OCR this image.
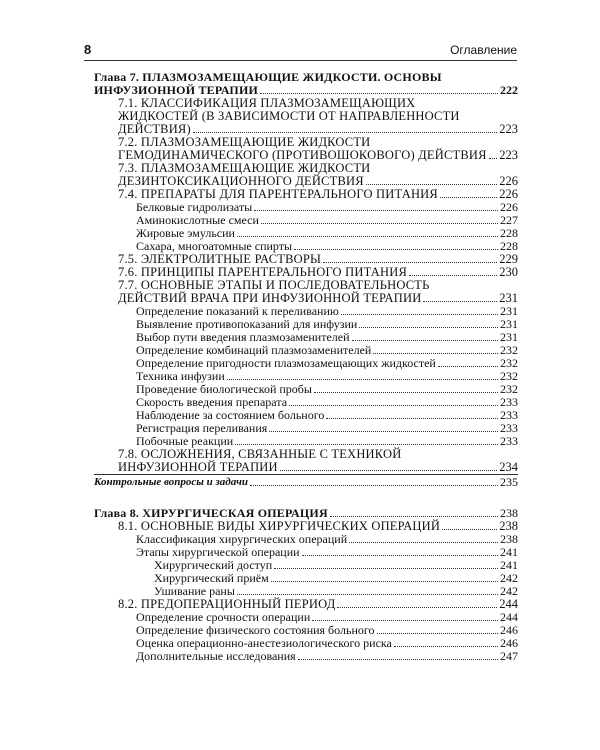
8	Оглавление
Глава 7. ПЛАЗМОЗАМЕЩАЮЩИЕ ЖИДКОСТИ. ОСНОВЫ
ИНФУЗИОННОЙ ТЕРАПИИ	222
7.1. КЛАССИФИКАЦИЯ ПЛАЗМОЗАМЕЩАЮЩИХ
ЖИДКОСТЕЙ (В ЗАВИСИМОСТИ ОТ НАПРАВЛЕННОСТИ
ДЕЙСТВИЯ)	223
7.2. ПЛАЗМОЗАМЕЩАЮЩИЕ ЖИДКОСТИ
ГЕМОДИНАМИЧЕСКОГО (ПРОТИВОШОКОВОГО) ДЕЙСТВИЯ 223
7.3. ПЛАЗМОЗАМЕЩАЮЩИЕ ЖИДКОСТИ
ДЕЗИНТОКСИКАЦИОННОГО ДЕЙСТВИЯ	226
7.4. ПРЕПАРАТЫ ДЛЯ ПАРЕНТЕРАЛЬНОГО ПИТАНИЯ	226
Белковые гидролизаты	226
Аминокислотные смеси	227
Жировые эмульсии	228
Сахара, многоатомные спирты	228
7.5. ЭЛЕКТРОЛИТНЫЕ РАСТВОРЫ	229
7.6. ПРИНЦИПЫ ПАРЕНТЕРАЛЬНОГО ПИТАНИЯ	230
7.7. ОСНОВНЫЕ ЭТАПЫ И ПОСЛЕДОВАТЕЛЬНОСТЬ
ДЕЙСТВИЙ ВРАЧА ПРИ ИНФУЗИОННОЙ ТЕРАПИИ	231
Определение показаний к переливанию	231
Выявление противопоказаний для инфузии	231
Выбор пути введения плазмозаменителей	231
Определение комбинаций плазмозаменителей	232
Определение пригодности плазмозамещающих жидкостей	232
Техника инфузии	232
Проведение биологической пробы	232
Скорость введения препарата	233
Наблюдение за состоянием больного	233
Регистрация переливания	233
Побочные реакции	233
7.8. ОСЛОЖНЕНИЯ, СВЯЗАННЫЕ С ТЕХНИКОЙ
ИНФУЗИОННОЙ ТЕРАПИИ	234
Контрольные вопросы и задачи	235
Глава 8. ХИРУРГИЧЕСКАЯ ОПЕРАЦИЯ	238
8.1. ОСНОВНЫЕ ВИДЫ ХИРУРГИЧЕСКИХ ОПЕРАЦИЙ	238
Классификация хирургических операций	238
Этапы хирургической операции	241
Хирургический доступ	241
Хирургический приём	242
Ушивание раны	242
8.2. ПРЕДОПЕРАЦИОННЫЙ ПЕРИОД	244
Определение срочности операции	244
Определение физического состояния больного	246
Оценка операционно-анестезиологического риска	246
Дополнительные исследования	247
